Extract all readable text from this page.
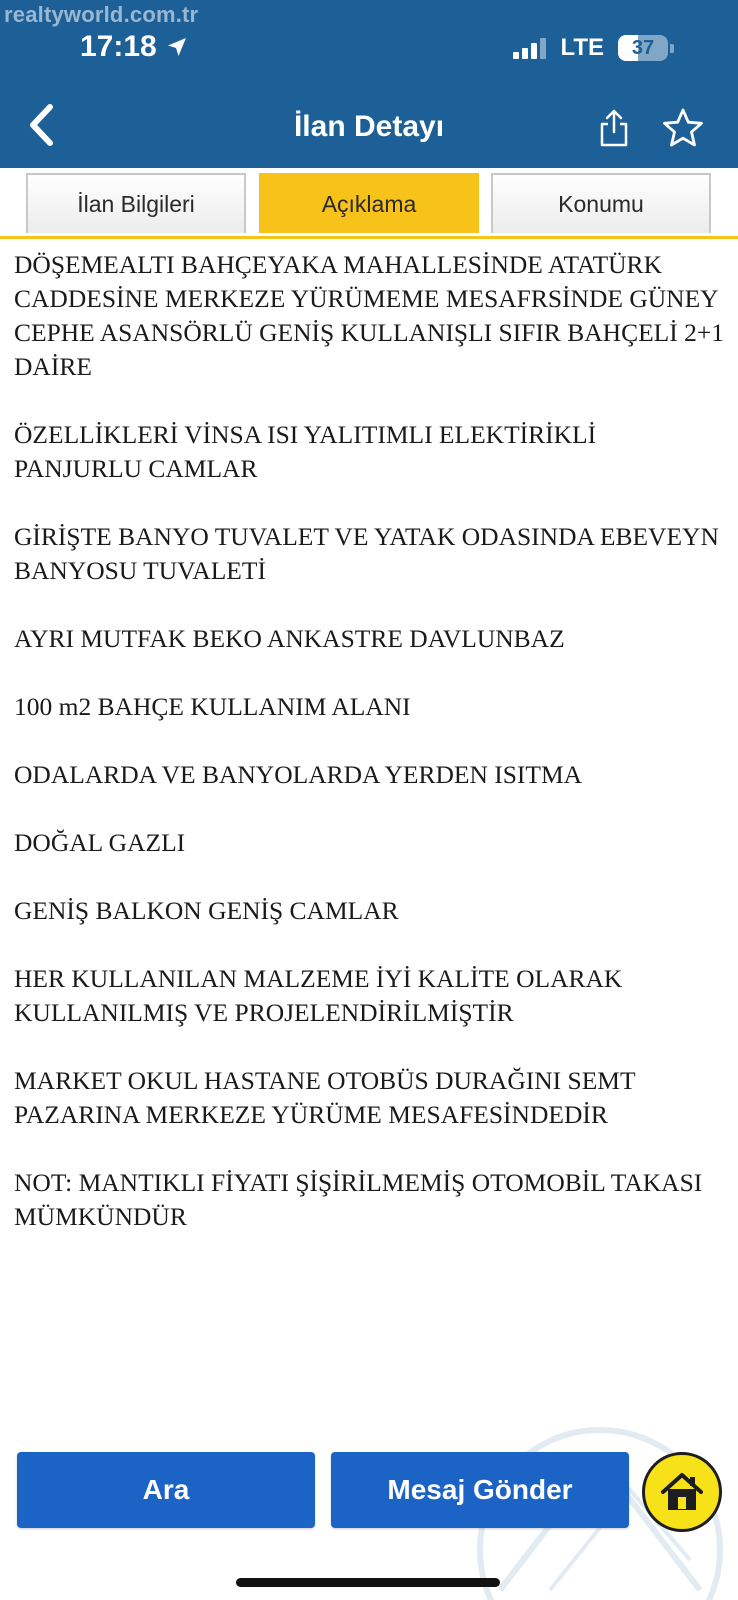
realtyworld.com.tr
17:18	LTE 37
İlan Detayı
İlan Bilgileri	Açıklama	Konumu

DÖŞEMEALTI BAHÇEYAKA MAHALLESİNDE ATATÜRK CADDESİNE MERKEZE YÜRÜMEME MESAFRSİNDE GÜNEY CEPHE ASANSÖRLÜ GENİŞ KULLANIŞLI SIFIR BAHÇELİ 2+1 DAİRE

ÖZELLİKLERİ VİNSA ISI YALITIMLI ELEKTİRİKLİ PANJURLU CAMLAR

GİRİŞTE BANYO TUVALET VE YATAK ODASINDA EBEVEYN BANYOSU TUVALETİ

AYRI MUTFAK BEKO ANKASTRE DAVLUNBAZ

100 m2 BAHÇE KULLANIM ALANI

ODALARDA VE BANYOLARDA YERDEN ISITMA

DOĞAL GAZLI

GENİŞ BALKON GENİŞ CAMLAR

HER KULLANILAN MALZEME İYİ KALİTE OLARAK KULLANILMIŞ VE PROJELENDİRİLMİŞTİR

MARKET OKUL HASTANE OTOBÜS DURAĞINI SEMT PAZARINA MERKEZE YÜRÜME MESAFESİNDEDİR

NOT: MANTIKLI FİYATI ŞİŞİRİLMEMİŞ OTOMOBİL TAKASI MÜMKÜNDÜR

Ara	Mesaj Gönder
